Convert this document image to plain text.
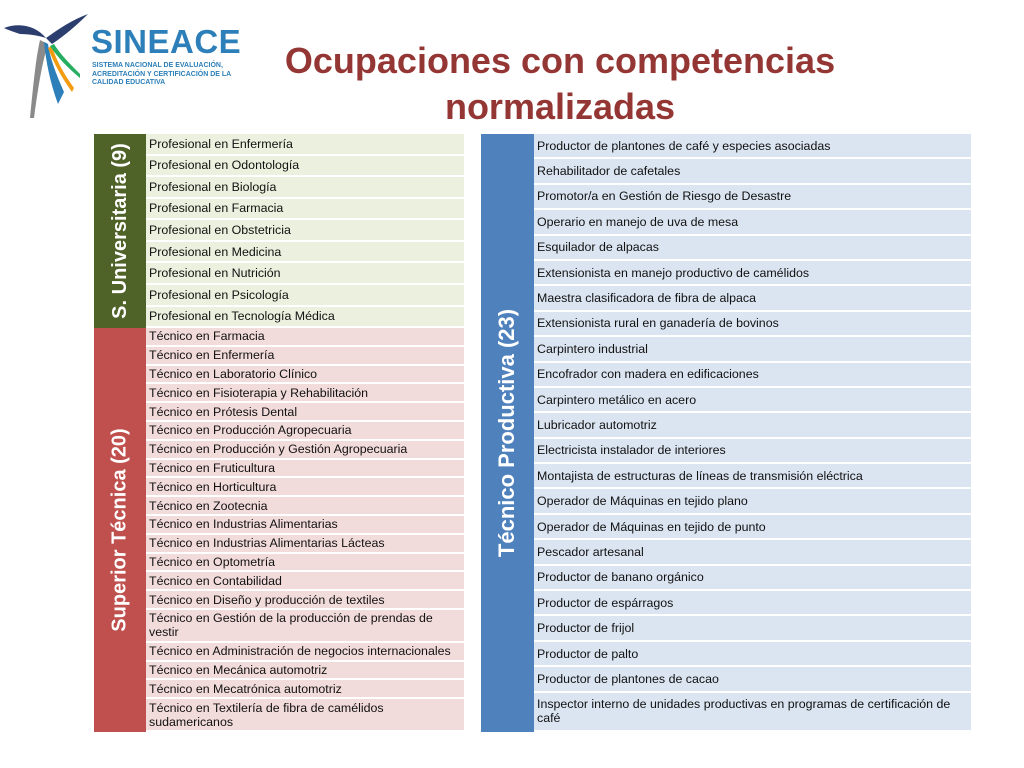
SINEACE
SISTEMA NACIONAL DE EVALUACIÓN, ACREDITACIÓN Y CERTIFICACIÓN DE LA CALIDAD EDUCATIVA
Ocupaciones con competencias normalizadas
S. Universitaria (9) Profesional en Enfermería
Profesional en Odontología
Profesional en Biología
Profesional en Farmacia
Profesional en Obstetricia
Profesional en Medicina
Profesional en Nutrición
Profesional en Psicología
Profesional en Tecnología Médica
Superior Técnica (20)
Técnico en Farmacia
Técnico en Enfermería
Técnico en Laboratorio Clínico
Técnico en Fisioterapia y Rehabilitación
Técnico en Prótesis Dental
Técnico en Producción Agropecuaria
Técnico en Producción y Gestión Agropecuaria
Técnico en Fruticultura
Técnico en Horticultura
Técnico en Zootecnia
Técnico en Industrias Alimentarias
Técnico en Industrias Alimentarias Lácteas
Técnico en Optometría
Técnico en Contabilidad
Técnico en Diseño y producción de textiles
Técnico en Gestión de la producción de prendas de vestir
Técnico en Administración de negocios internacionales
Técnico en Mecánica automotriz
Técnico en Mecatrónica automotriz
Técnico en Textilería de fibra de camélidos sudamericanos
Técnico Productiva (23)
Productor de plantones de café y especies asociadas
Rehabilitador de cafetales
Promotor/a en Gestión de Riesgo de Desastre
Operario en manejo de uva de mesa
Esquilador de alpacas
Extensionista en manejo productivo de camélidos
Maestra clasificadora de fibra de alpaca
Extensionista rural en ganadería de bovinos
Carpintero industrial
Encofrador con madera en edificaciones
Carpintero metálico en acero
Lubricador automotriz
Electricista instalador de interiores
Montajista de estructuras de líneas de transmisión eléctrica
Operador de Máquinas en tejido plano
Operador de Máquinas en tejido de punto
Pescador artesanal
Productor de banano orgánico
Productor de espárragos
Productor de frijol
Productor de palto
Productor de plantones de cacao
Inspector interno de unidades productivas en programas de certificación de café
